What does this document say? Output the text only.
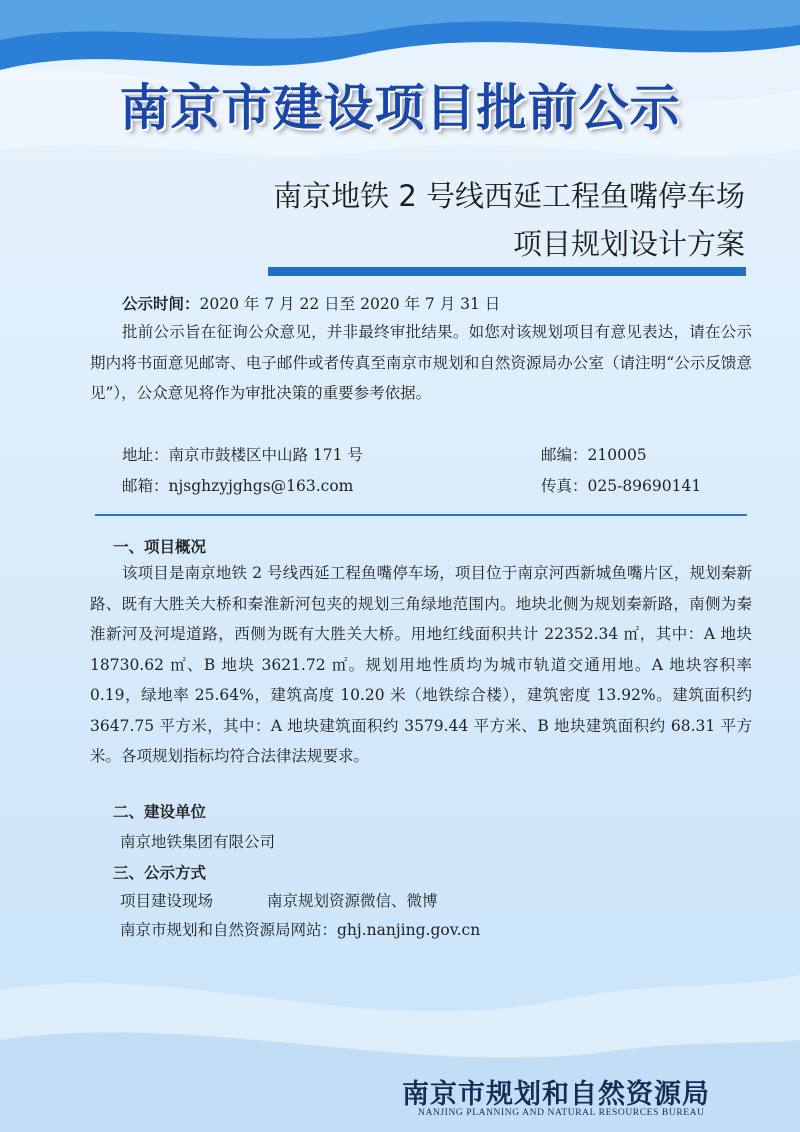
南京市建设项目批前公示
南京地铁 2 号线西延工程鱼嘴停车场
项目规划设计方案
公示时间：2020 年 7 月 22 日至 2020 年 7 月 31 日
批前公示旨在征询公众意见，并非最终审批结果。如您对该规划项目有意见表达，请在公示期内将书面意见邮寄、电子邮件或者传真至南京市规划和自然资源局办公室（请注明“公示反馈意见”），公众意见将作为审批决策的重要参考依据。
地址：南京市鼓楼区中山路 171 号	邮编：210005
邮箱：njsghzyjghgs@163.com	传真：025-89690141
一、项目概况
该项目是南京地铁 2 号线西延工程鱼嘴停车场，项目位于南京河西新城鱼嘴片区，规划秦新路、既有大胜关大桥和秦淮新河包夹的规划三角绿地范围内。地块北侧为规划秦新路，南侧为秦淮新河及河堤道路，西侧为既有大胜关大桥。用地红线面积共计 22352.34 ㎡，其中：A 地块 18730.62 ㎡、B 地块 3621.72 ㎡。规划用地性质均为城市轨道交通用地。A 地块容积率 0.19，绿地率 25.64%，建筑高度 10.20 米（地铁综合楼），建筑密度 13.92%。建筑面积约 3647.75 平方米，其中：A 地块建筑面积约 3579.44 平方米、B 地块建筑面积约 68.31 平方米。各项规划指标均符合法律法规要求。
二、建设单位
南京地铁集团有限公司
三、公示方式
项目建设现场	南京规划资源微信、微博
南京市规划和自然资源局网站：ghj.nanjing.gov.cn
南京市规划和自然资源局
NANJING PLANNING AND NATURAL RESOURCES BUREAU
